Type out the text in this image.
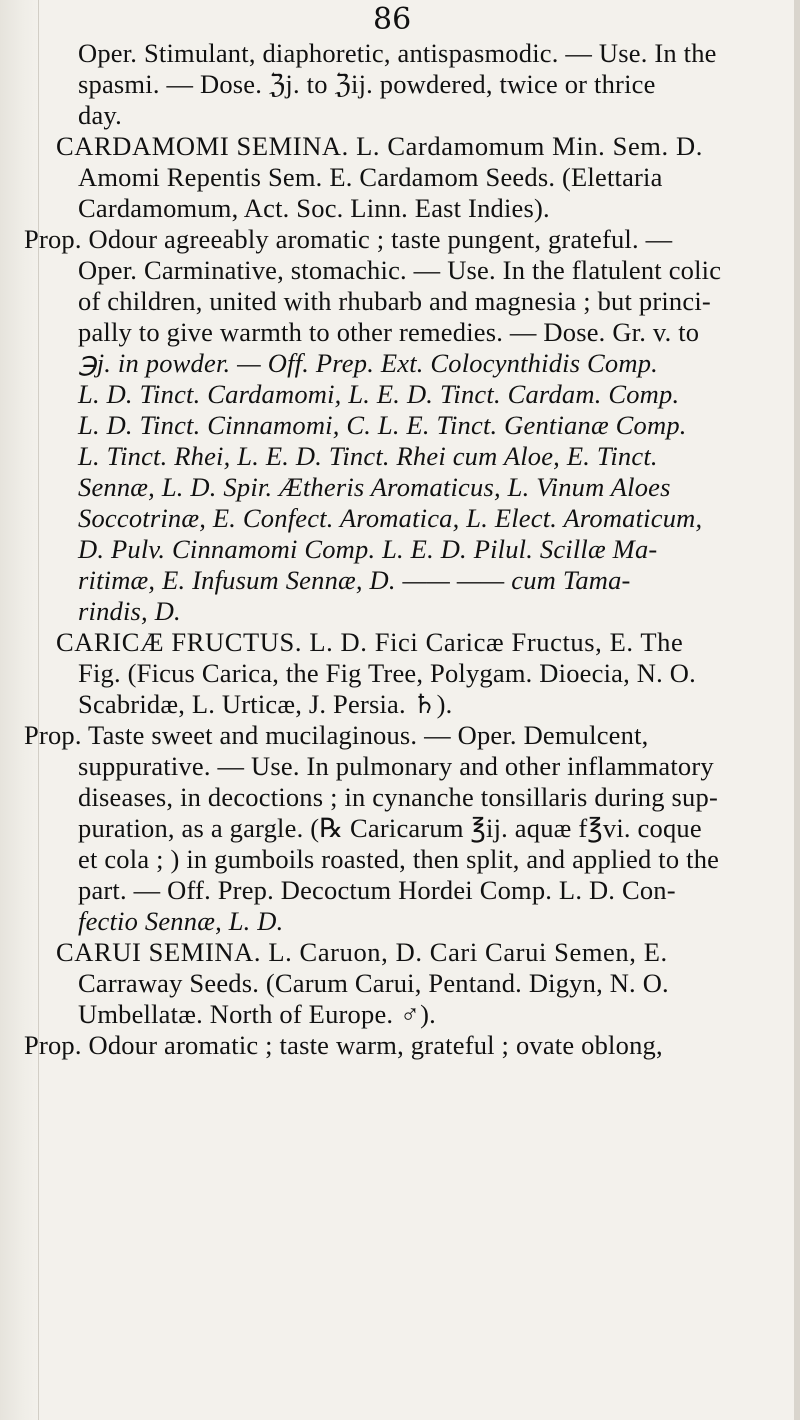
86
Oper. Stimulant, diaphoretic, antispasmodic. — Use. In the
spasmi. — Dose. ℨj. to ℨij. powdered, twice or thrice
day.
CARDAMOMI SEMINA. L. Cardamomum Min. Sem. D.
Amomi Repentis Sem. E. Cardamom Seeds. (Elettaria
Cardamomum, Act. Soc. Linn. East Indies).
Prop. Odour agreeably aromatic ; taste pungent, grateful. —
Oper. Carminative, stomachic. — Use. In the flatulent colic
of children, united with rhubarb and magnesia ; but princi-
pally to give warmth to other remedies. — Dose. Gr. v. to
℈j. in powder. — Off. Prep. Ext. Colocynthidis Comp.
L. D. Tinct. Cardamomi, L. E. D. Tinct. Cardam. Comp.
L. D. Tinct. Cinnamomi, C. L. E. Tinct. Gentianæ Comp.
L. Tinct. Rhei, L. E. D. Tinct. Rhei cum Aloe, E. Tinct.
Sennæ, L. D. Spir. Ætheris Aromaticus, L. Vinum Aloes
Soccotrinæ, E. Confect. Aromatica, L. Elect. Aromaticum,
D. Pulv. Cinnamomi Comp. L. E. D. Pilul. Scillæ Ma-
ritimæ, E. Infusum Sennæ, D. —— —— cum Tama-
rindis, D.
CARICÆ FRUCTUS. L. D. Fici Caricæ Fructus, E. The
Fig. (Ficus Carica, the Fig Tree, Polygam. Dioecia, N. O.
Scabridæ, L. Urticæ, J. Persia. ♄).
Prop. Taste sweet and mucilaginous. — Oper. Demulcent,
suppurative. — Use. In pulmonary and other inflammatory
diseases, in decoctions ; in cynanche tonsillaris during sup-
puration, as a gargle. (℞ Caricarum ℥ij. aquæ f℥vi. coque
et cola ; ) in gumboils roasted, then split, and applied to the
part. — Off. Prep. Decoctum Hordei Comp. L. D. Con-
fectio Sennæ, L. D.
CARUI SEMINA. L. Caruon, D. Cari Carui Semen, E.
Carraway Seeds. (Carum Carui, Pentand. Digyn, N. O.
Umbellatæ. North of Europe. ♂).
Prop. Odour aromatic ; taste warm, grateful ; ovate oblong,
